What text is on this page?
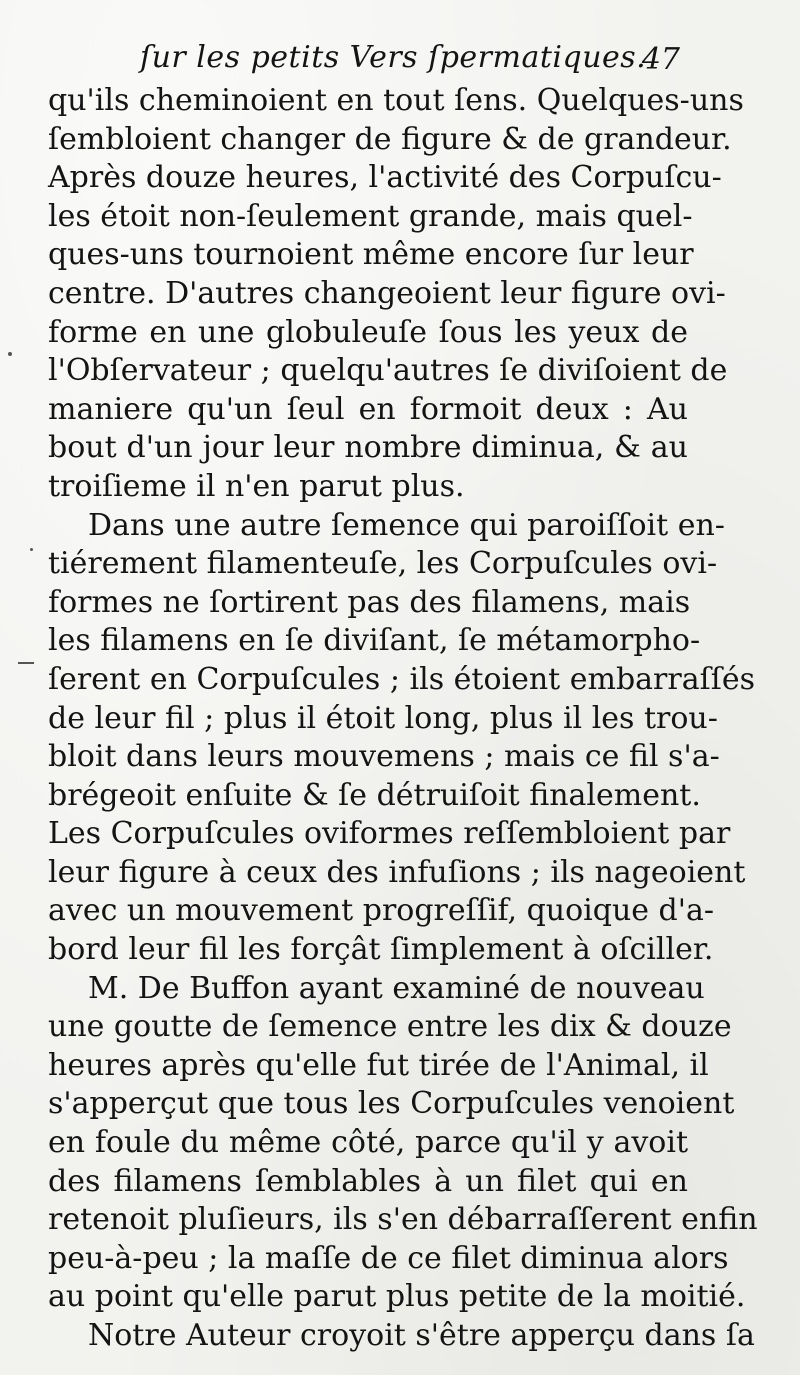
ſur les petits Vers ſpermatiques.
47
qu'ils cheminoient en tout ſens. Quelques-uns
ſembloient changer de figure & de grandeur.
Après douze heures, l'activité des Corpuſcu-
les étoit non-ſeulement grande, mais quel-
ques-uns tournoient même encore ſur leur
centre. D'autres changeoient leur figure ovi-
forme en une globuleuſe ſous les yeux de
l'Obſervateur ; quelqu'autres ſe diviſoient de
maniere qu'un ſeul en formoit deux : Au
bout d'un jour leur nombre diminua, & au
troiſieme il n'en parut plus.
Dans une autre ſemence qui paroiſſoit en-
tiérement filamenteuſe, les Corpuſcules ovi-
formes ne ſortirent pas des filamens, mais
les filamens en ſe diviſant, ſe métamorpho-
ſerent en Corpuſcules ; ils étoient embarraſſés
de leur fil ; plus il étoit long, plus il les trou-
bloit dans leurs mouvemens ; mais ce fil s'a-
brégeoit enſuite & ſe détruiſoit finalement.
Les Corpuſcules oviformes reſſembloient par
leur figure à ceux des infuſions ; ils nageoient
avec un mouvement progreſſif, quoique d'a-
bord leur fil les forçât ſimplement à oſciller.
M. De Buffon ayant examiné de nouveau
une goutte de ſemence entre les dix & douze
heures après qu'elle fut tirée de l'Animal, il
s'apperçut que tous les Corpuſcules venoient
en foule du même côté, parce qu'il y avoit
des filamens ſemblables à un filet qui en
retenoit pluſieurs, ils s'en débarraſſerent enfin
peu-à-peu ; la maſſe de ce filet diminua alors
au point qu'elle parut plus petite de la moitié.
Notre Auteur croyoit s'être apperçu dans ſa
